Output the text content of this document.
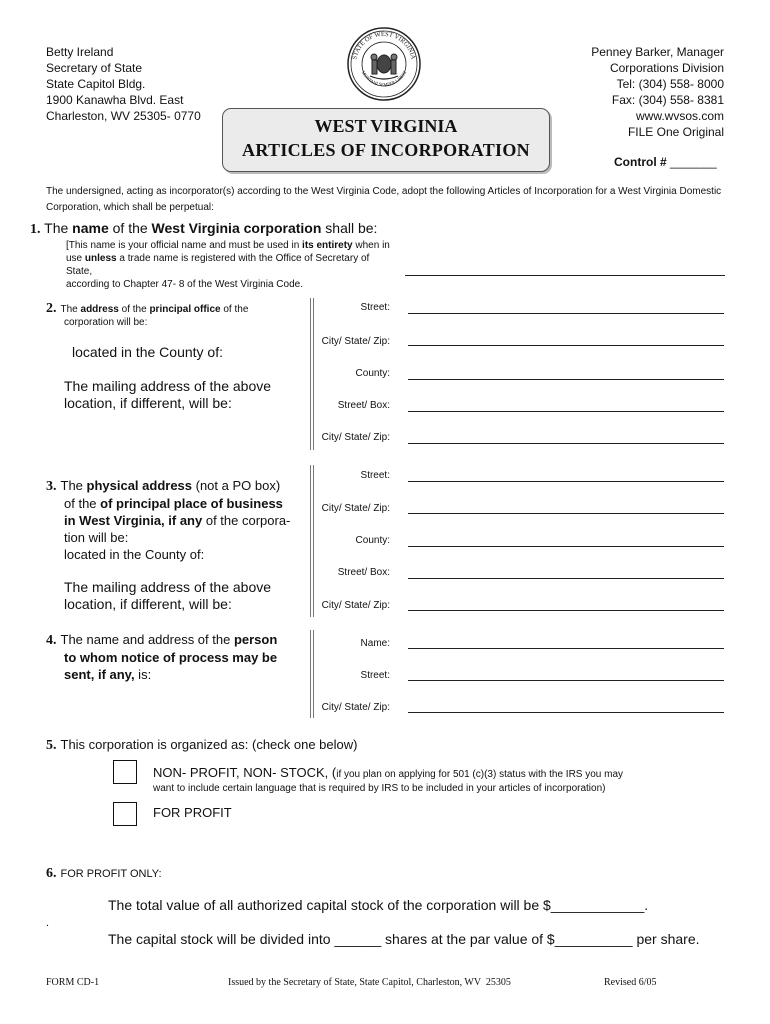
Betty Ireland
Secretary of State
State Capitol Bldg.
1900 Kanawha Blvd. East
Charleston, WV 25305- 0770
STATE OF WEST VIRGINIA
MONTANI SEMPER LIBERI
Penney Barker, Manager
Corporations Division
Tel: (304) 558- 8000
Fax: (304) 558- 8381
www.wvsos.com
FILE One Original
WEST VIRGINIA
ARTICLES OF INCORPORATION
Control # _______
The undersigned, acting as incorporator(s) according to the West Virginia Code, adopt the following Articles of Incorporation for a West Virginia Domestic
Corporation, which shall be perpetual:
1. The name of the West Virginia corporation shall be:
[This name is your official name and must be used in its entirety when in
use unless a trade name is registered with the Office of Secretary of State,
according to Chapter 47- 8 of the West Virginia Code.
2. The address of the principal office of the
corporation will be:
located in the County of:
The mailing address of the above
location, if different, will be:
Street:
City/ State/ Zip:
County:
Street/ Box:
City/ State/ Zip:
3. The physical address (not a PO box)
of the of principal place of business
in West Virginia, if any of the corpora-
tion will be:
located in the County of:
The mailing address of the above
location, if different, will be:
Street:
City/ State/ Zip:
County:
Street/ Box:
City/ State/ Zip:
4. The name and address of the person
to whom notice of process may be
sent, if any, is:
Name:
Street:
City/ State/ Zip:
5. This corporation is organized as: (check one below)
NON- PROFIT, NON- STOCK, (if you plan on applying for 501 (c)(3) status with the IRS you may
want to include certain language that is required by IRS to be included in your articles of incorporation)
FOR PROFIT
6. FOR PROFIT ONLY:
The total value of all authorized capital stock of the corporation will be $____________.
.
The capital stock will be divided into ______ shares at the par value of $__________ per share.
FORM CD-1	Issued by the Secretary of State, State Capitol, Charleston, WV  25305	Revised 6/05
